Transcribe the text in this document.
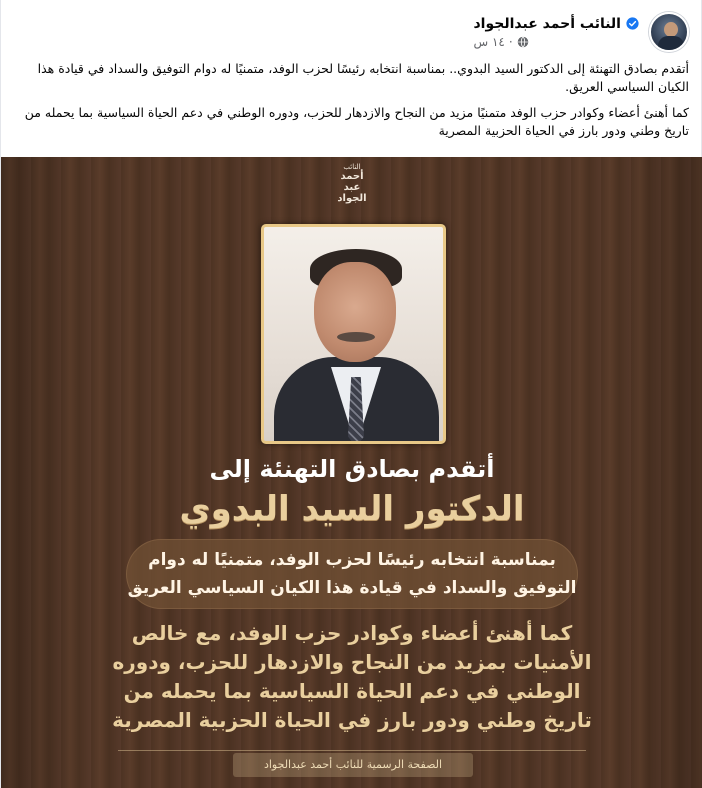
النائب أحمد عبدالجواد
١٤ س ·

أتقدم بصادق التهنئة إلى الدكتور السيد البدوي.. بمناسبة انتخابه رئيسًا لحزب الوفد، متمنيًا له دوام التوفيق والسداد في قيادة هذا الكيان السياسي العريق.

كما أهنئ أعضاء وكوادر حزب الوفد متمنيًا مزيد من النجاح والازدهار للحزب، ودوره الوطني في دعم الحياة السياسية بما يحمله من تاريخ وطني ودور بارز في الحياة الحزبية المصرية

النائب
أحمد
عبد
الجواد
أتقدم بصادق التهنئة إلى
الدكتور السيد البدوي
بمناسبة انتخابه رئيسًا لحزب الوفد، متمنيًا له دوام
التوفيق والسداد في قيادة هذا الكيان السياسي العريق
كما أهنئ أعضاء وكوادر حزب الوفد، مع خالص
الأمنيات بمزيد من النجاح والازدهار للحزب، ودوره
الوطني في دعم الحياة السياسية بما يحمله من
تاريخ وطني ودور بارز في الحياة الحزبية المصرية
الصفحة الرسمية للنائب أحمد عبدالجواد
